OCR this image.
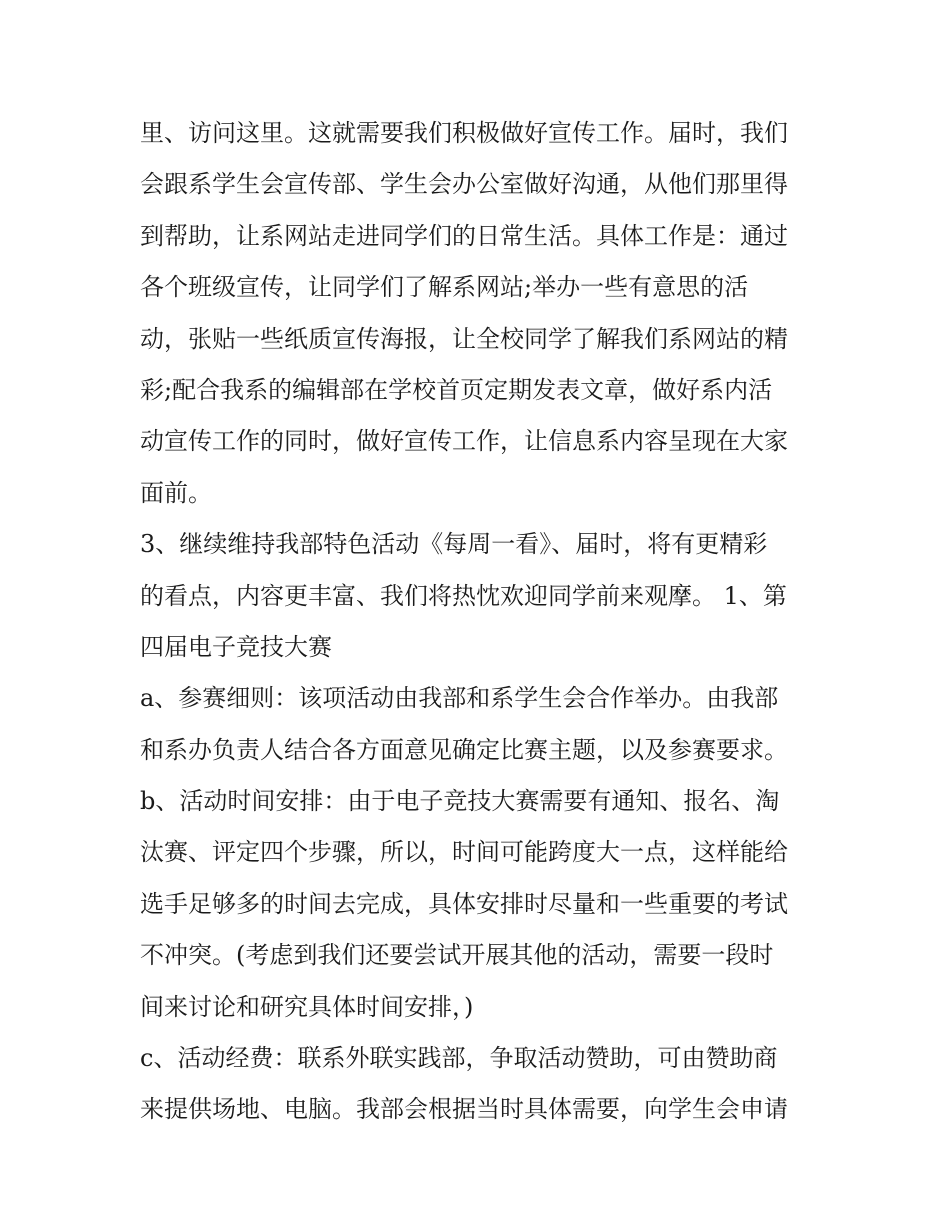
里、访问这里。这就需要我们积极做好宣传工作。届时，我们
会跟系学生会宣传部、学生会办公室做好沟通，从他们那里得
到帮助，让系网站走进同学们的日常生活。具体工作是：通过
各个班级宣传，让同学们了解系网站;举办一些有意思的活
动，张贴一些纸质宣传海报，让全校同学了解我们系网站的精
彩;配合我系的编辑部在学校首页定期发表文章，做好系内活
动宣传工作的同时，做好宣传工作，让信息系内容呈现在大家
面前。
3、继续维持我部特色活动《每周一看》、届时，将有更精彩
的看点，内容更丰富、我们将热忱欢迎同学前来观摩。 1、第
四届电子竞技大赛
a、参赛细则：该项活动由我部和系学生会合作举办。由我部
和系办负责人结合各方面意见确定比赛主题，以及参赛要求。
b、活动时间安排：由于电子竞技大赛需要有通知、报名、淘
汰赛、评定四个步骤，所以，时间可能跨度大一点，这样能给
选手足够多的时间去完成，具体安排时尽量和一些重要的考试
不冲突。(考虑到我们还要尝试开展其他的活动，需要一段时
间来讨论和研究具体时间安排，)
c、活动经费：联系外联实践部，争取活动赞助，可由赞助商
来提供场地、电脑。我部会根据当时具体需要，向学生会申请
